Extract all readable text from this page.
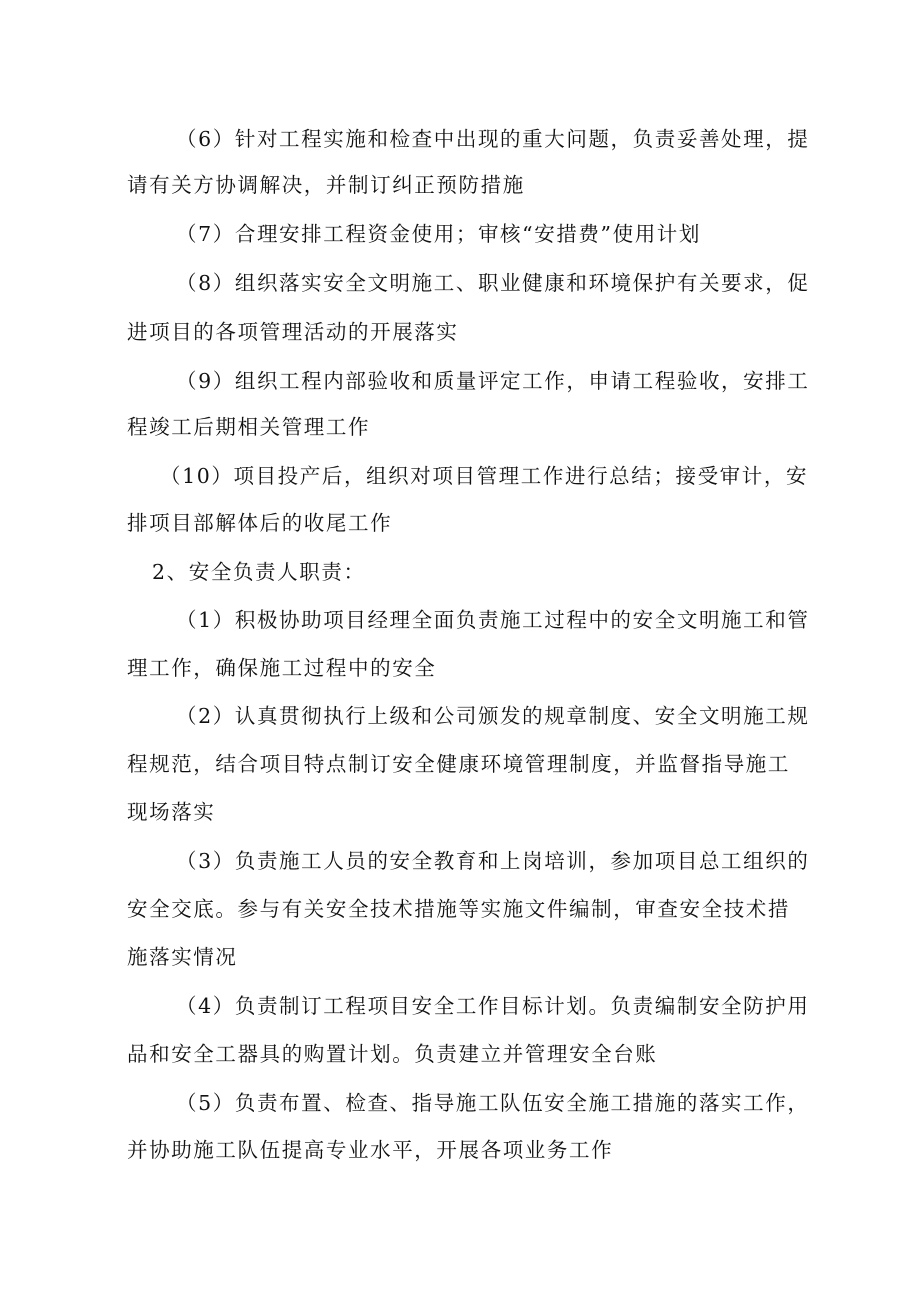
（6）针对工程实施和检查中出现的重大问题，负责妥善处理，提

请有关方协调解决，并制订纠正预防措施

（7）合理安排工程资金使用；审核“安措费”使用计划

（8）组织落实安全文明施工、职业健康和环境保护有关要求，促

进项目的各项管理活动的开展落实

（9）组织工程内部验收和质量评定工作，申请工程验收，安排工

程竣工后期相关管理工作

（10）项目投产后，组织对项目管理工作进行总结；接受审计，安

排项目部解体后的收尾工作

2、安全负责人职责：

（1）积极协助项目经理全面负责施工过程中的安全文明施工和管

理工作，确保施工过程中的安全

（2）认真贯彻执行上级和公司颁发的规章制度、安全文明施工规

程规范，结合项目特点制订安全健康环境管理制度，并监督指导施工

现场落实

（3）负责施工人员的安全教育和上岗培训，参加项目总工组织的

安全交底。参与有关安全技术措施等实施文件编制，审查安全技术措

施落实情况

（4）负责制订工程项目安全工作目标计划。负责编制安全防护用

品和安全工器具的购置计划。负责建立并管理安全台账

（5）负责布置、检查、指导施工队伍安全施工措施的落实工作，

并协助施工队伍提高专业水平，开展各项业务工作
